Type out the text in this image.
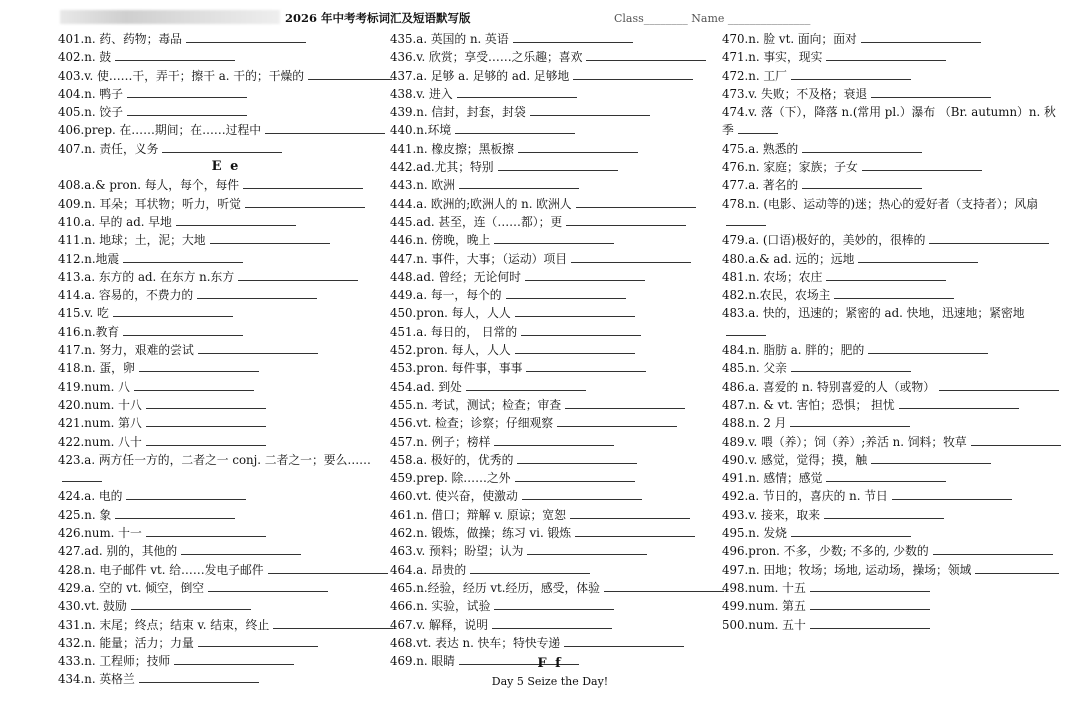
2026 年中考考标词汇及短语默写版	Class________ Name _______________
401.n. 药、药物；毒品
402.n. 鼓
403.v. 使……干，弄干；擦干 a. 干的；干燥的
404.n. 鸭子
405.n. 饺子
406.prep. 在……期间；在……过程中
407.n. 责任，义务
E e
408.a.& pron. 每人，每个，每件
409.n. 耳朵；耳状物；听力，听觉
410.a. 早的 ad. 早地
411.n. 地球；土，泥；大地
412.n.地震
413.a. 东方的 ad. 在东方 n.东方
414.a. 容易的，不费力的
415.v. 吃
416.n.教育
417.n. 努力，艰难的尝试
418.n. 蛋，卵
419.num. 八
420.num. 十八
421.num. 第八
422.num. 八十
423.a. 两方任一方的，二者之一 conj. 二者之一；要么……
424.a. 电的
425.n. 象
426.num. 十一
427.ad. 别的，其他的
428.n. 电子邮件 vt. 给……发电子邮件
429.a. 空的 vt. 倾空，倒空
430.vt. 鼓励
431.n. 末尾；终点；结束 v. 结束，终止
432.n. 能量；活力；力量
433.n. 工程师；技师
434.n. 英格兰
435.a. 英国的 n. 英语
436.v. 欣赏；享受……之乐趣；喜欢
437.a. 足够 a. 足够的 ad. 足够地
438.v. 进入
439.n. 信封，封套，封袋
440.n.环境
441.n. 橡皮擦；黑板擦
442.ad.尤其；特别
443.n. 欧洲
444.a. 欧洲的;欧洲人的 n. 欧洲人
445.ad. 甚至，连（……都）；更
446.n. 傍晚，晚上
447.n. 事件，大事；（运动）项目
448.ad. 曾经；无论何时
449.a. 每一，每个的
450.pron. 每人，人人
451.a. 每日的， 日常的
452.pron. 每人，人人
453.pron. 每件事，事事
454.ad. 到处
455.n. 考试，测试；检查；审查
456.vt. 检查；诊察；仔细观察
457.n. 例子；榜样
458.a. 极好的，优秀的
459.prep. 除……之外
460.vt. 使兴奋，使激动
461.n. 借口；辩解 v. 原谅；宽恕
462.n. 锻炼，做操；练习 vi. 锻炼
463.v. 预料；盼望；认为
464.a. 昂贵的
465.n.经验，经历 vt.经历，感受，体验
466.n. 实验，试验
467.v. 解释，说明
468.vt. 表达 n. 快车；特快专递
469.n. 眼睛
470.n. 脸 vt. 面向；面对
471.n. 事实，现实
472.n. 工厂
473.v. 失败；不及格；衰退
474.v. 落（下），降落 n.(常用 pl.）瀑布 （Br. autumn）n. 秋季
475.a. 熟悉的
476.n. 家庭；家族；子女
477.a. 著名的
478.n. (电影、运动等的)迷；热心的爱好者（支持者）；风扇
479.a. (口语)极好的，美妙的，很棒的
480.a.& ad. 远的；远地
481.n. 农场；农庄
482.n.农民，农场主
483.a. 快的，迅速的；紧密的 ad. 快地，迅速地；紧密地
484.n. 脂肪 a. 胖的；肥的
485.n. 父亲
486.a. 喜爱的 n. 特别喜爱的人（或物）
487.n. & vt. 害怕；恐惧； 担忧
488.n. 2 月
489.v. 喂（养）；饲（养）;养活 n. 饲料；牧草
490.v. 感觉，觉得；摸，触
491.n. 感情；感觉
492.a. 节日的，喜庆的 n. 节日
493.v. 接来，取来
495.n. 发烧
496.pron. 不多，少数; 不多的, 少数的
497.n. 田地；牧场；场地, 运动场，操场；领域
498.num. 十五
499.num. 第五
500.num. 五十
F f
Day 5 Seize the Day!
